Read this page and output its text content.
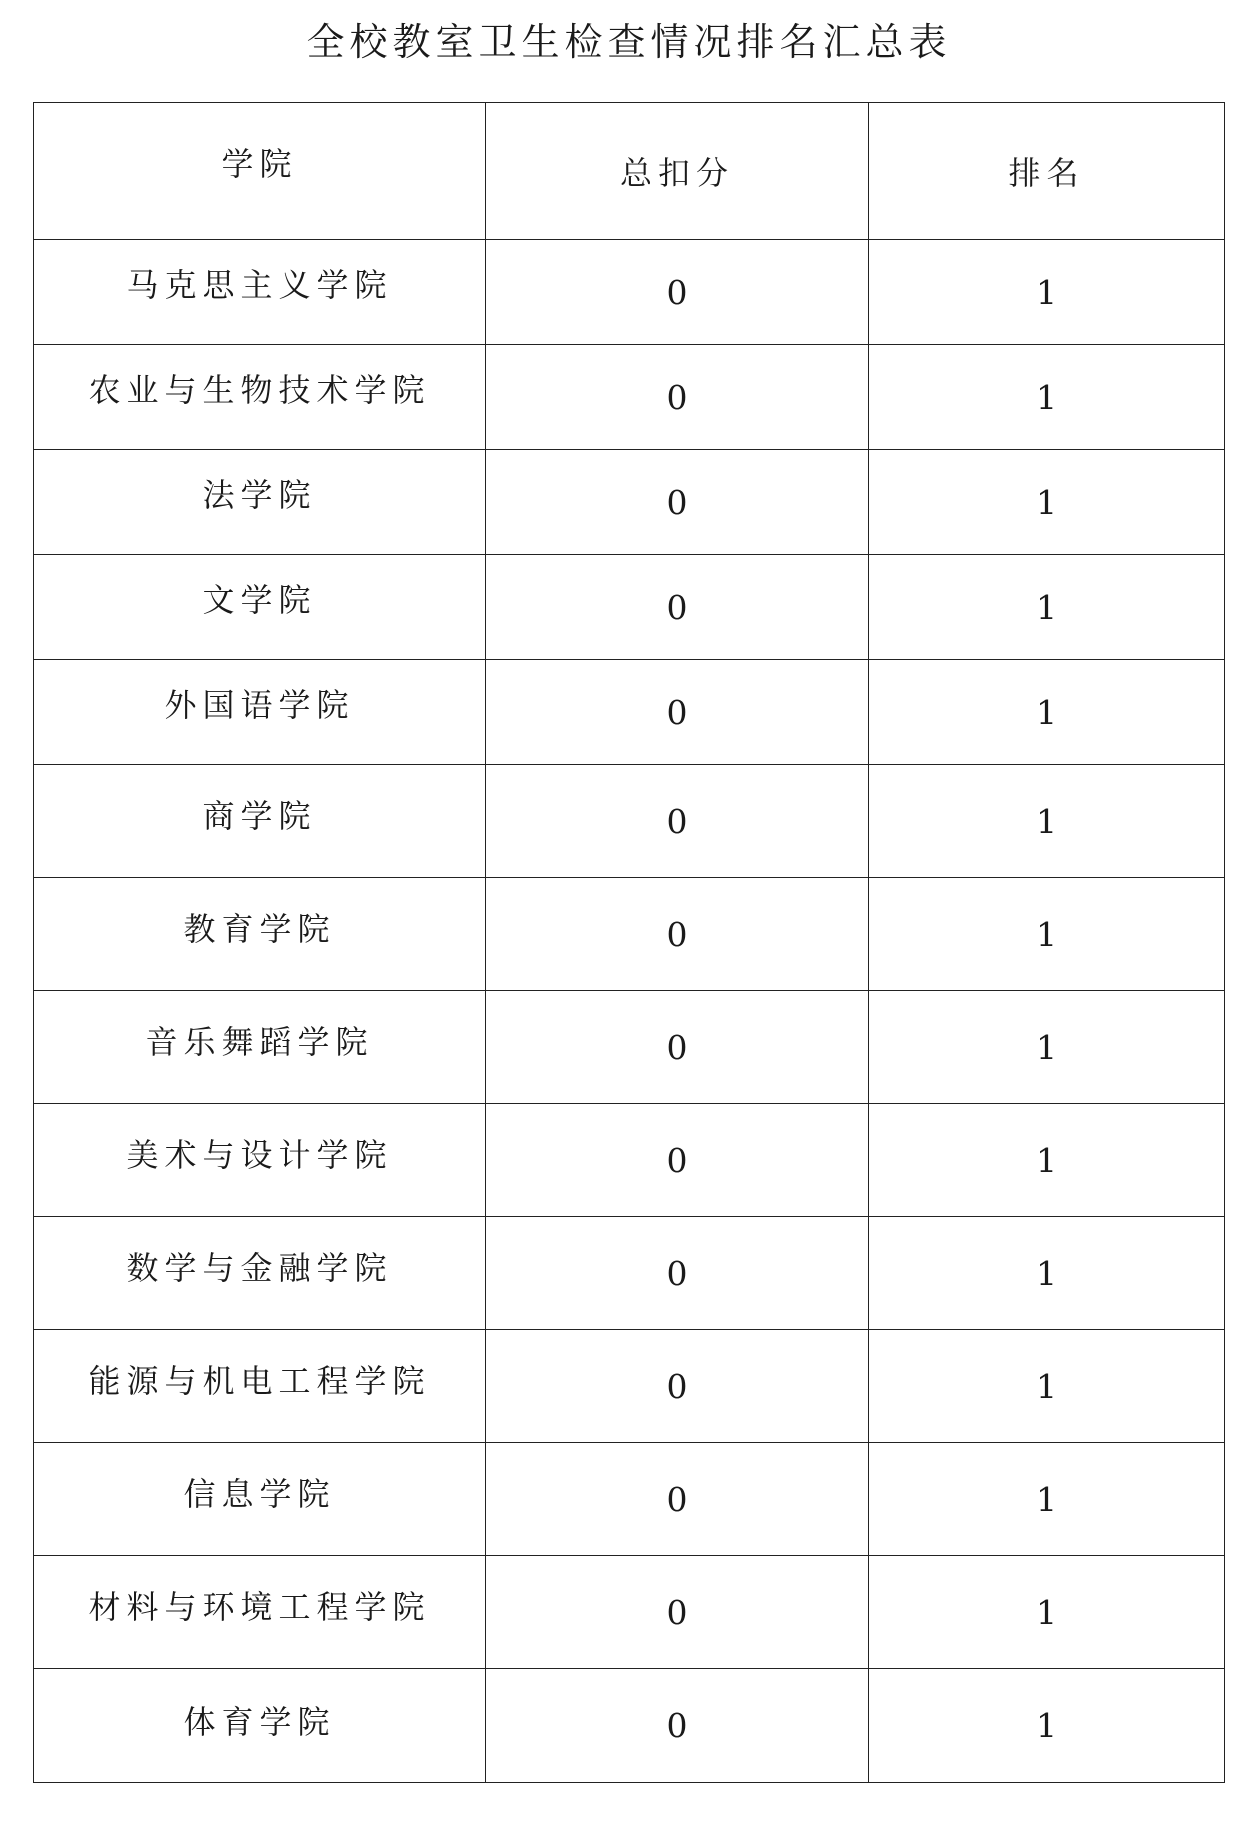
全校教室卫生检查情况排名汇总表
学院	总扣分	排名
马克思主义学院	0	1
农业与生物技术学院	0	1
法学院	0	1
文学院	0	1
外国语学院	0	1
商学院	0	1
教育学院	0	1
音乐舞蹈学院	0	1
美术与设计学院	0	1
数学与金融学院	0	1
能源与机电工程学院	0	1
信息学院	0	1
材料与环境工程学院	0	1
体育学院	0	1
